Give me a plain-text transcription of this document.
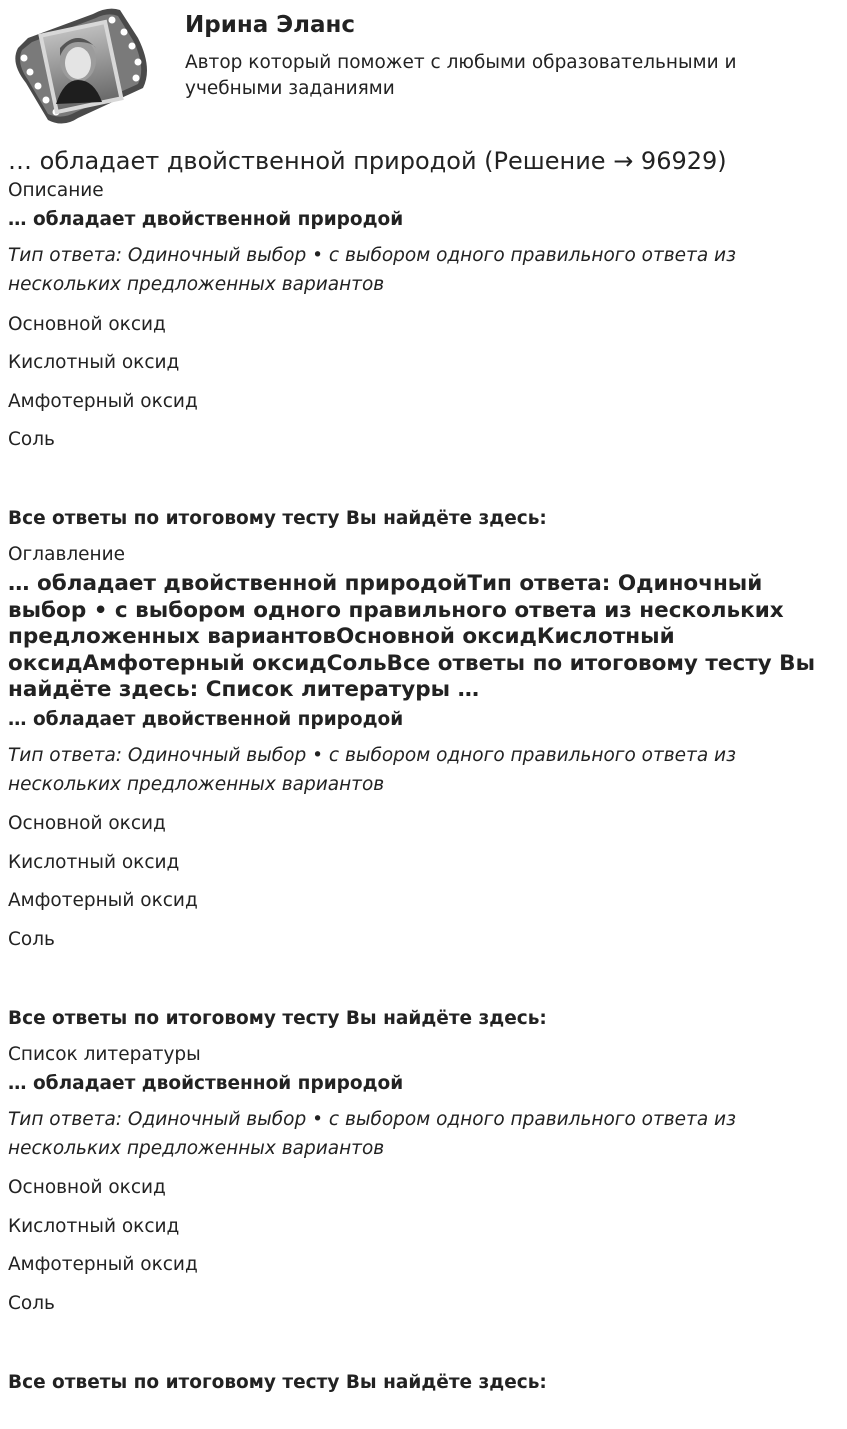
Ирина Эланс
Автор который поможет с любыми образовательными и учебными заданиями
… обладает двойственной природой (Решение → 96929)
Описание
… обладает двойственной природой
Тип ответа: Одиночный выбор • с выбором одного правильного ответа из нескольких предложенных вариантов
Основной оксид
Кислотный оксид
Амфотерный оксид
Соль
Все ответы по итоговому тесту Вы найдёте здесь:
Оглавление
… обладает двойственной природойТип ответа: Одиночный выбор • с выбором одного правильного ответа из нескольких предложенных вариантовОсновной оксидКислотный оксидАмфотерный оксидСольВсе ответы по итоговому тесту Вы найдёте здесь: Список литературы …
… обладает двойственной природой
Тип ответа: Одиночный выбор • с выбором одного правильного ответа из нескольких предложенных вариантов
Основной оксид
Кислотный оксид
Амфотерный оксид
Соль
Все ответы по итоговому тесту Вы найдёте здесь:
Список литературы
… обладает двойственной природой
Тип ответа: Одиночный выбор • с выбором одного правильного ответа из нескольких предложенных вариантов
Основной оксид
Кислотный оксид
Амфотерный оксид
Соль
Все ответы по итоговому тесту Вы найдёте здесь:
